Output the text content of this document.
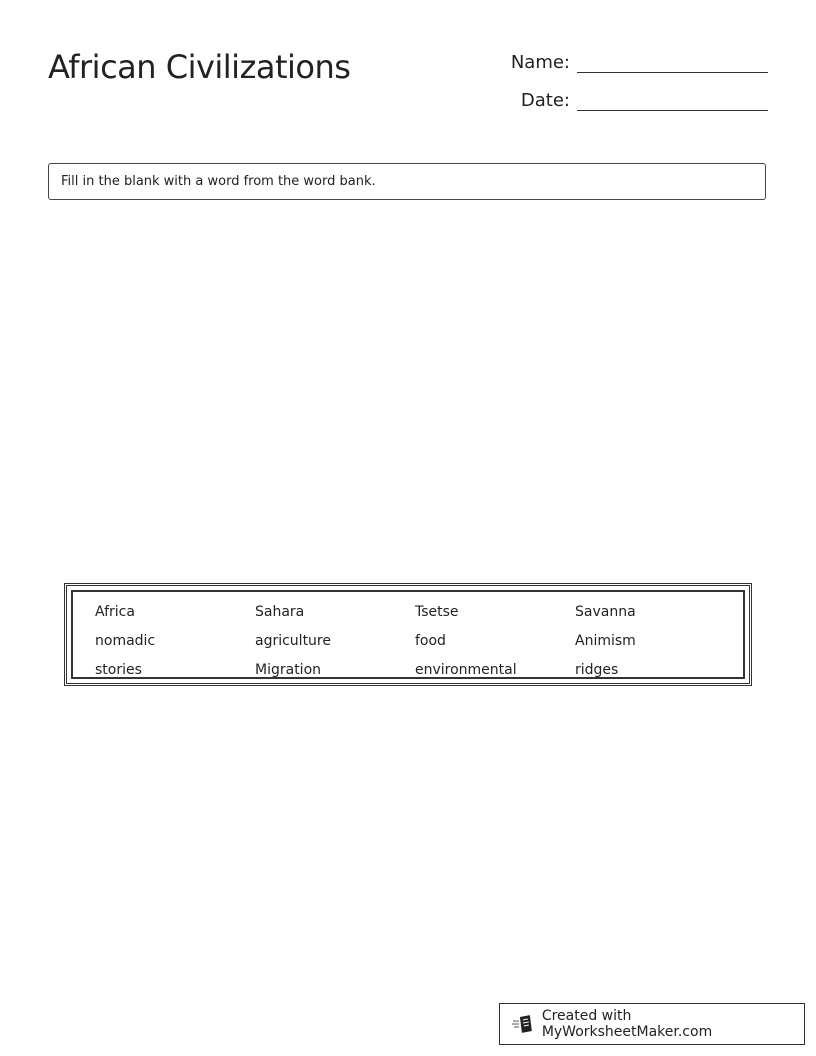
African Civilizations	Name:
Date:
Fill in the blank with a word from the word bank.
Africa	Sahara	Tsetse	Savanna
nomadic	agriculture	food	Animism
stories	Migration	environmental	ridges
Created with MyWorksheetMaker.com
